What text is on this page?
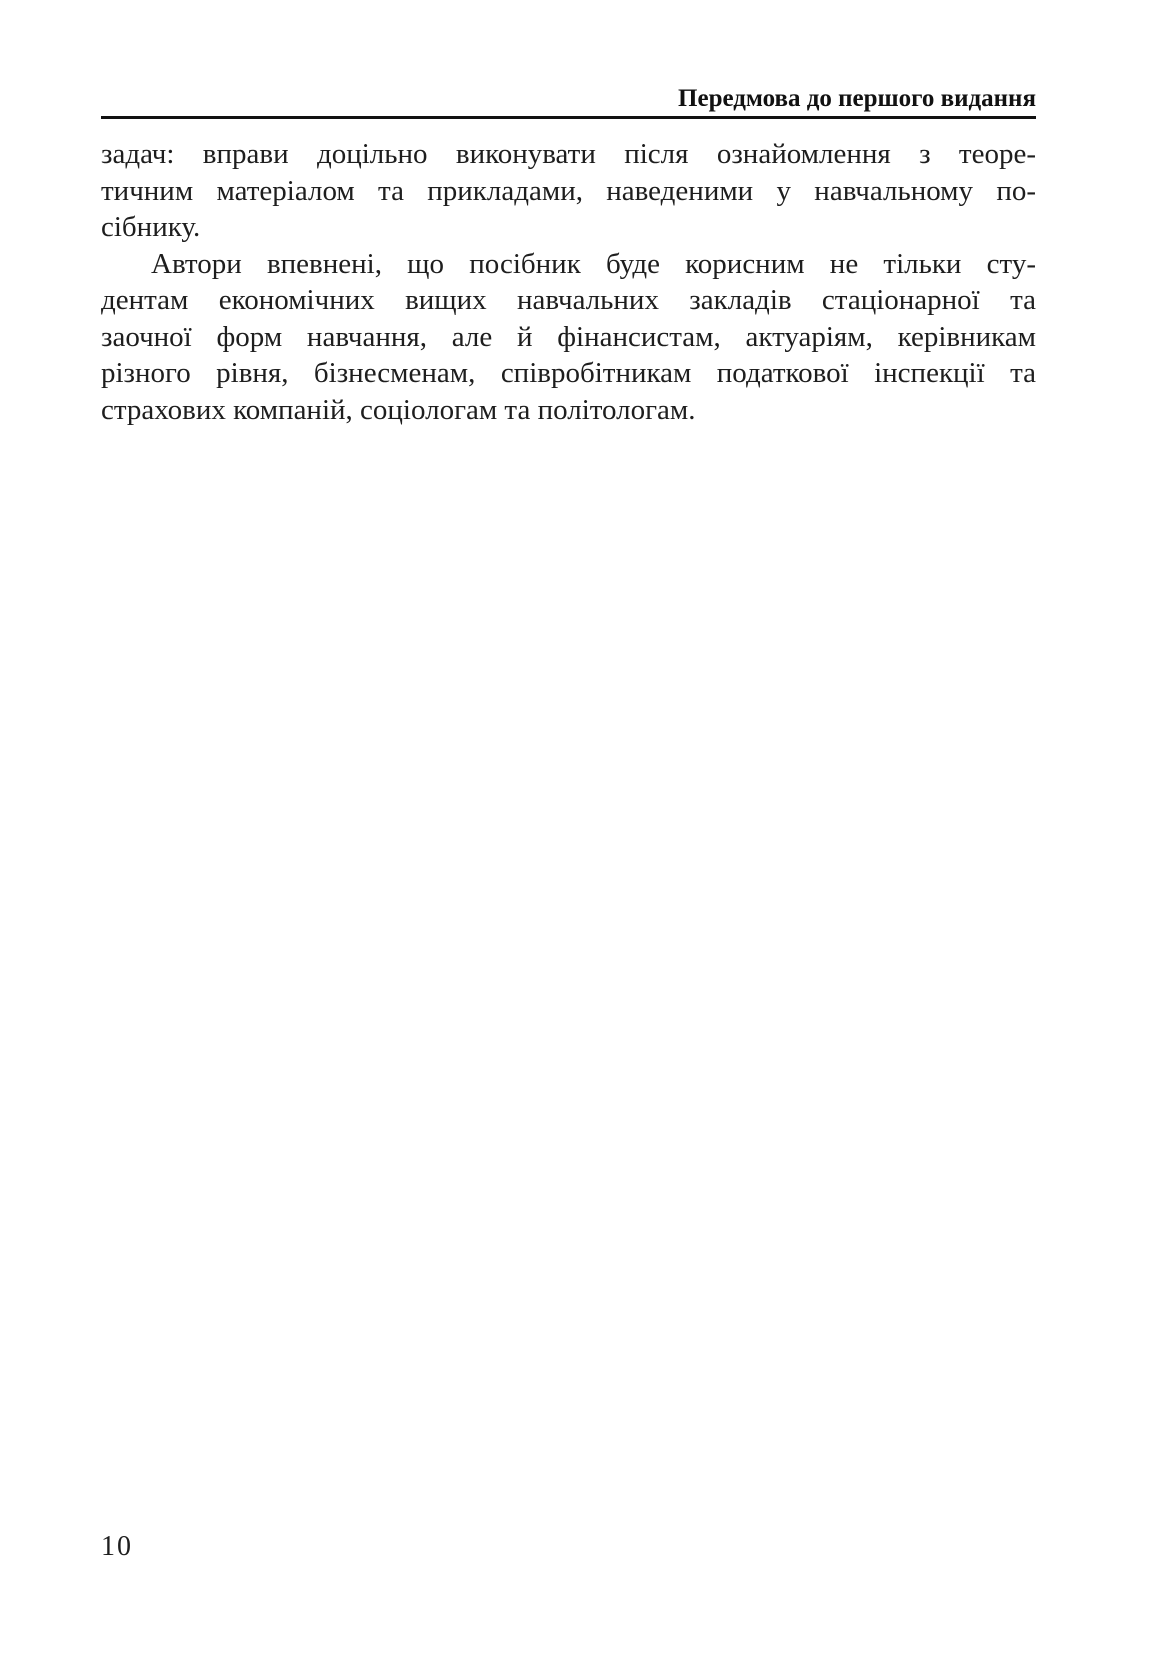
Передмова до першого видання
задач: вправи доцільно виконувати після ознайомлення з теоре-
тичним матеріалом та прикладами, наведеними у навчальному по-
сібнику.
Автори впевнені, що посібник буде корисним не тільки сту-
дентам економічних вищих навчальних закладів стаціонарної та
заочної форм навчання, але й фінансистам, актуаріям, керівникам
різного рівня, бізнесменам, співробітникам податкової інспекції та
страхових компаній, соціологам та політологам.
10
